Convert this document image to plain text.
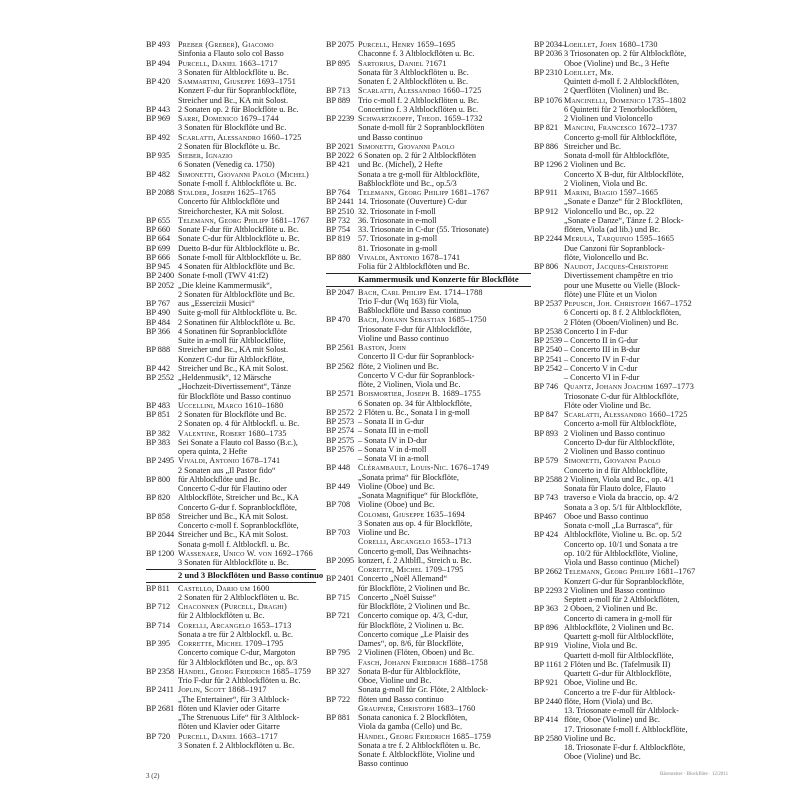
BP 493 Preber (Greber), Giacomo
Sinfonia a Flauto solo col Basso
BP 494 Purcell, Daniel 1663–1717
3 Sonaten für Altblockflöte u. Bc.
BP 420 Sammartini, Giuseppe 1693–1751
Konzert F-dur für Sopranblockflöte,
Streicher und Bc., KA mit Solost.
BP 443 2 Sonaten op. 2 für Blockflöte u. Bc.
BP 969 Sarri, Domenico 1679–1744
3 Sonaten für Blockflöte und Bc.
BP 492 Scarlatti, Alessandro 1660–1725
2 Sonaten für Blockflöte u. Bc.
BP 935 Sieber, Ignazio
6 Sonaten (Venedig ca. 1750)
BP 482 Simonetti, Giovanni Paolo (Michel)
Sonate f-moll f. Altblockflöte u. Bc.
BP 2088 Stalder, Joseph 1625–1765
Concerto für Altblockflöte und
Streichorchester, KA mit Solost.
BP 655 Telemann, Georg Philipp 1681–1767
BP 660 Sonate F-dur für Altblockflöte u. Bc.
BP 664 Sonate C-dur für Altblockflöte u. Bc.
BP 699 Duetto B-dur für Altblockflöte u. Bc.
BP 666 Sonate f-moll für Altblockflöte u. Bc.
BP 945 4 Sonaten für Altblockflöte und Bc.
BP 2400 Sonate f-moll (TWV 41:f2)
BP 2052 „Die kleine Kammermusik“,
2 Sonaten für Altblockflöte und Bc.
BP 767 aus „Essercizii Musici“
BP 490 Suite g-moll für Altblockflöte u. Bc.
BP 484 2 Sonatinen für Altblockflöte u. Bc.
BP 366 4 Sonatinen für Sopranblockflöte
Suite in a-moll für Altblockflöte,
BP 888 Streicher und Bc., KA mit Solost.
Konzert C-dur für Altblockflöte,
BP 442 Streicher und Bc., KA mit Solost.
BP 2552 „Heldenmusik“, 12 Märsche
„Hochzeit-Divertissement“, Tänze
für Blockflöte und Basso continuo
BP 483 Uccellini, Marco 1610–1680
BP 851 2 Sonaten für Blockflöte und Bc.
2 Sonaten op. 4 für Altblockfl. u. Bc.
BP 382 Valentine, Robert 1680–1735
BP 383 Sei Sonate a Flauto col Basso (B.c.),
opera quinta, 2 Hefte
BP 2495 Vivaldi, Antonio 1678–1741
2 Sonaten aus „Il Pastor fido“
BP 800 für Altblockflöte und Bc.
Concerto C-dur für Flautino oder
BP 820 Altblockflöte, Streicher und Bc., KA
Concerto G-dur f. Sopranblockflöte,
BP 858 Streicher und Bc., KA mit Solost.
Concerto c-moll f. Sopranblockflöte,
BP 2044 Streicher und Bc., KA mit Solost.
Sonata g-moll f. Altblockfl. u. Bc.
BP 1200 Wassenaer, Unico W. von 1692–1766
3 Sonaten für Altblockflöte u. Bc.
2 und 3 Blockflöten und Basso continuo
BP 811	Castello, Dario um 1600
2 Sonaten für 2 Altblockflöten u. Bc.
BP 712 Chaconnen (Purcell, Draghi)
für 2 Altblockflöten u. Bc.
BP 714 Corelli, Arcangelo 1653–1713
Sonata a tre für 2 Altblockfl. u. Bc.
BP 395 Corrette, Michel 1709–1795
Concerto comique C-dur, Margoton
für 3 Altblockflöten und Bc., op. 8/3
BP 2358 Händel, Georg Friedrich 1685–1759
Trio F-dur für 2 Altblockflöten u. Bc.
BP 2411 Joplin, Scott 1868–1917
„The Entertainer“, für 3 Altblock-
BP 2681 flöten und Klavier oder Gitarre
„The Strenuous Life“ für 3 Altblock-
flöten und Klavier oder Gitarre
BP 720 Purcell, Daniel 1663–1717
3 Sonaten f. 2 Altblockflöten u. Bc.
BP 2075 Purcell, Henry 1659–1695
Chaconne f. 3 Altblockflöten u. Bc.
BP 895 Sartorius, Daniel ?1671
Sonata für 3 Altblockflöten u. Bc.
Sonaten f. 2 Altblockflöten u. Bc.
BP 713 Scarlatti, Alessandro 1660–1725
BP 889 Trio c-moll f. 2 Altblockflöten u. Bc.
Concertino f. 3 Altblockflöten u. Bc.
BP 2239 Schwartzkopff, Theod. 1659–1732
Sonate d-moll für 2 Sopranblockflöten
und Basso continuo
BP 2021 Simonetti, Giovanni Paolo
BP 2022 6 Sonaten op. 2 für 2 Altblockflöten
BP 421 und Bc. (Michel), 2 Hefte
Sonata a tre g-moll für Altblockflöte,
Baßblockflöte und Bc., op.5/3
BP 764 Telemann, Georg Philipp 1681–1767
BP 2441 14. Triosonate (Ouverture) C-dur
BP 2510 32. Triosonate in f-moll
BP 732 36. Triosonate in e-moll
BP 754 33. Triosonate in C-dur (55. Triosonate)
BP 819 57. Triosonate in g-moll
81. Triosonate in g-moll
BP 880 Vivaldi, Antonio 1678–1741
Folia für 2 Altblockflöten und Bc.
Kammermusik und Konzerte für Blockflöte
BP 2047 Bach, Carl Philipp Em. 1714–1788
Trio F-dur (Wq 163) für Viola,
Baßblockflöte und Basso continuo
BP 470 Bach, Johann Sebastian 1685–1750
Triosonate F-dur für Altblockflöte,
Violine und Basso continuo
BP 2561 Baston, John
Concerto II C-dur für Sopranblock-
BP 2562 flöte, 2 Violinen und Bc.
Concerto V C-dur für Sopranblock-
flöte, 2 Violinen, Viola und Bc.
BP 2571 Boismortier, Joseph B. 1689–1755
6 Sonaten op. 34 für Altblockflöte,
BP 2572 2 Flöten u. Bc., Sonata I in g-moll
BP 2573 – Sonata II in G-dur
BP 2574 – Sonata III in e-moll
BP 2575 – Sonata IV in D-dur
BP 2576 – Sonata V in d-moll
– Sonata VI in a-moll
BP 448 Clérambault, Louis-Nic. 1676–1749
„Sonata prima“ für Blockflöte,
BP 449 Violine (Oboe) und Bc.
„Sonata Magnifique“ für Blockflöte,
BP 708 Violine (Oboe) und Bc.
Colombi, Giuseppe 1635–1694
3 Sonaten aus op. 4 für Blockflöte,
BP 703 Violine und Bc.
Corelli, Arcangelo 1653–1713
Concerto g-moll, Das Weihnachts-
BP 2095 konzert, f. 2 Altblfl., Streich u. Bc.
Corrette, Michel 1709–1795
BP 2401 Concerto „Noël Allemand“
für Blockflöte, 2 Violinen und Bc.
BP 715 Concerto „Noël Suisse“
für Blockflöte, 2 Violinen und Bc.
BP 721 Concerto comique op. 4/3, C-dur,
für Blockflöte, 2 Violinen u. Bc.
Concerto comique „Le Plaisir des
Dames“, op. 8/6, für Blockflöte,
BP 795 2 Violinen (Flöten, Oboen) und Bc.
Fasch, Johann Friedrich 1688–1758
BP 327 Sonata B-dur für Altblockflöte,
Oboe, Violine und Bc.
Sonata g-moll für Gr. Flöte, 2 Altblock-
BP 722 flöten und Basso continuo
Graupner, Christoph 1683–1760
BP 881 Sonata canonica f. 2 Blockflöten,
Viola da gamba (Cello) und Bc.
Händel, Georg Friedrich 1685–1759
Sonata a tre f. 2 Altblockflöten u. Bc.
Sonate f. Altblockflöte, Violine und
Basso continuo
BP 2034–
Loeillet, John 1680–1730
BP 2036 3 Triosonaten op. 2 für Altblockflöte,
Oboe (Violine) und Bc., 3 Hefte
BP 2310 Loeillet, Mr.
Quintett d-moll f. 2 Altblockflöten,
2 Querflöten (Violinen) und Bc.
BP 1076 Mancinelli, Domenico 1735–1802
6 Quintetti für 2 Tenorblockflöten,
2 Violinen und Violoncello
BP 821 Mancini, Francesco 1672–1737
Concerto g-moll für Altblockflöte,
BP 886 Streicher und Bc.
Sonata d-moll für Altblockflöte,
BP 1296 2 Violinen und Bc.
Concerto X B-dur, für Altblockflöte,
2 Violinen, Viola und Bc.
BP 911 Marini, Biagio 1597–1665
„Sonate e Danze“ für 2 Blockflöten,
BP 912 Violoncello und Bc., op. 22
„Sonate e Danze“, Tänze f. 2 Block-
flöten, Viola (ad lib.) und Bc.
BP 2244 Merula, Tarquinio 1595–1665
Due Canzoni für Sopranblock-
flöte, Violoncello und Bc.
BP 806 Naudot, Jacques-Christophe
Divertissement champêtre en trio
pour une Musette ou Vielle (Block-
flöte) une Flûte et un Violon
BP 2537 Pepusch, Joh. Christoph 1667–1752
6 Concerti op. 8 f. 2 Altblockflöten,
2 Flöten (Oboen/Violinen) und Bc.
BP 2538 Concerto I in F-dur
BP 2539 – Concerto II in G-dur
BP 2540 – Concerto III in B-dur
BP 2541 – Concerto IV in F-dur
BP 2542 – Concerto V in C-dur
– Concerto VI in F-dur
BP 746 Quantz, Johann Joachim 1697–1773
Triosonate C-dur für Altblockflöte,
Flöte oder Violine und Bc.
BP 847 Scarlatti, Alessandro 1660–1725
Concerto a-moll für Altblockflöte,
BP 893 2 Violinen und Basso continuo
Concerto D-dur für Altblockflöte,
2 Violinen und Basso continuo
BP 579 Simonetti, Giovanni Paolo
Concerto in d für Altblockflöte,
BP 2588 2 Violinen, Viola und Bc., op. 4/1
Sonata für Flauto dolce, Flauto
BP 743 traverso e Viola da braccio, op. 4/2
Sonata a 3 op. 5/1 für Altblockflöte,
BP467 Oboe und Basso continuo
Sonata c-moll „La Burrasca“, für
BP 424 Altblockflöte, Violine u. Bc. op. 5/2
Concerto op. 10/1 und Sonata a tre
op. 10/2 für Altblockflöte, Violine,
Viola und Basso continuo (Michel)
BP 2662 Telemann, Georg Philipp 1681–1767
Konzert G-dur für Sopranblockflöte,
BP 2293 2 Violinen und Basso continuo
Septett a-moll für 2 Altblockflöten,
BP 363 2 Oboen, 2 Violinen und Bc.
Concerto di camera in g-moll für
BP 896 Altblockflöte, 2 Violinen und Bc.
Quartett g-moll für Altblockflöte,
BP 919 Violine, Viola und Bc.
Quartett d-moll für Altblockflöte,
BP 1161 2 Flöten und Bc. (Tafelmusik II)
Quartett G-dur für Altblockflöte,
BP 921 Oboe, Violine und Bc.
Concerto a tre F-dur für Altblock-
BP 2440 flöte, Horn (Viola) und Bc.
13. Triosonate e-moll für Altblock-
BP 414 flöte, Oboe (Violine) und Bc.
17. Triosonate f-moll f. Altblockflöte,
BP 2580 Violine und Bc.
18. Triosonate F-dur f. Altblockflöte,
Oboe (Violine) und Bc.
3 (2)	Bärenreiter · Blockflöte · 12/2011
